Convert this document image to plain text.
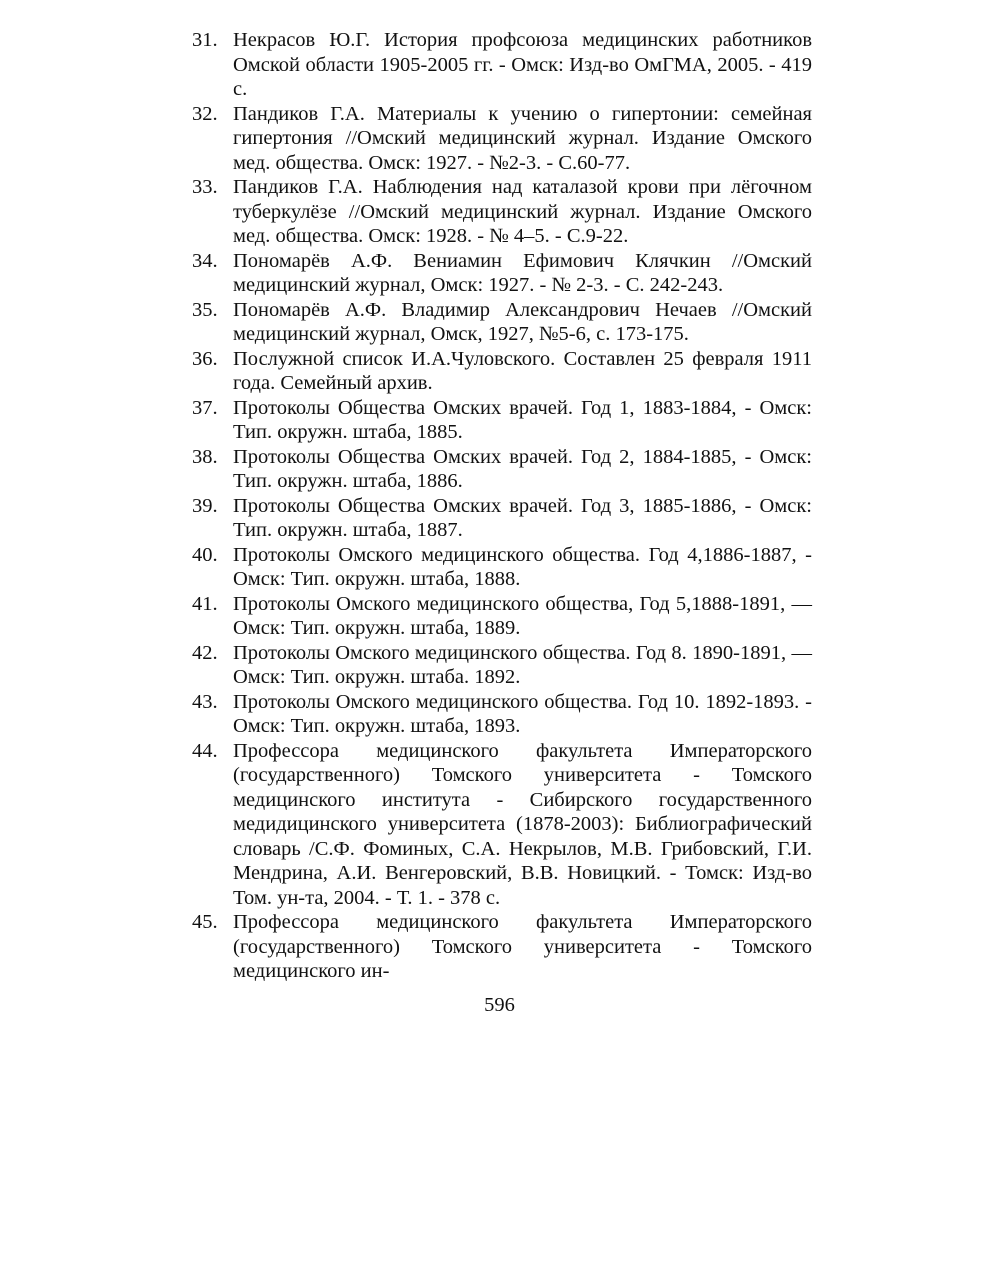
31. Некрасов Ю.Г. История профсоюза медицинских работников Омской области 1905-2005 гг. - Омск: Изд-во ОмГМА, 2005. - 419 с.
32. Пандиков Г.А. Материалы к учению о гипертонии: семейная гипертония //Омский медицинский журнал. Издание Омского мед. общества. Омск: 1927. - №2-3. - С.60-77.
33. Пандиков Г.А. Наблюдения над каталазой крови при лёгочном туберкулёзе //Омский медицинский журнал. Издание Омского мед. общества. Омск: 1928. - № 4–5. - С.9-22.
34. Пономарёв А.Ф. Вениамин Ефимович Клячкин //Омский медицинский журнал, Омск: 1927. - № 2-3. - С. 242-243.
35. Пономарёв А.Ф. Владимир Александрович Нечаев //Омский медицинский журнал, Омск, 1927, №5-6, с. 173-175.
36. Послужной список И.А.Чуловского. Составлен 25 февраля 1911 года. Семейный архив.
37. Протоколы Общества Омских врачей. Год 1, 1883-1884, - Омск: Тип. окружн. штаба, 1885.
38. Протоколы Общества Омских врачей. Год 2, 1884-1885, - Омск: Тип. окружн. штаба, 1886.
39. Протоколы Общества Омских врачей. Год 3, 1885-1886, - Омск: Тип. окружн. штаба, 1887.
40. Протоколы Омского медицинского общества. Год 4,1886-1887, - Омск: Тип. окружн. штаба, 1888.
41. Протоколы Омского медицинского общества, Год 5,1888-1891, — Омск: Тип. окружн. штаба, 1889.
42. Протоколы Омского медицинского общества. Год 8. 1890-1891, — Омск: Тип. окружн. штаба. 1892.
43. Протоколы Омского медицинского общества. Год 10. 1892-1893. - Омск: Тип. окружн. штаба, 1893.
44. Профессора медицинского факультета Императорского (государственного) Томского университета - Томского медицинского института - Сибирского государственного медидицинского университета (1878-2003): Библиографический словарь /С.Ф. Фоминых, С.А. Некрылов, М.В. Грибовский, Г.И. Мендрина, А.И. Венгеровский, В.В. Новицкий. - Томск: Изд-во Том. ун-та, 2004. - Т. 1. - 378 с.
45. Профессора медицинского факультета Императорского (государственного) Томского университета - Томского медицинского ин-
596
